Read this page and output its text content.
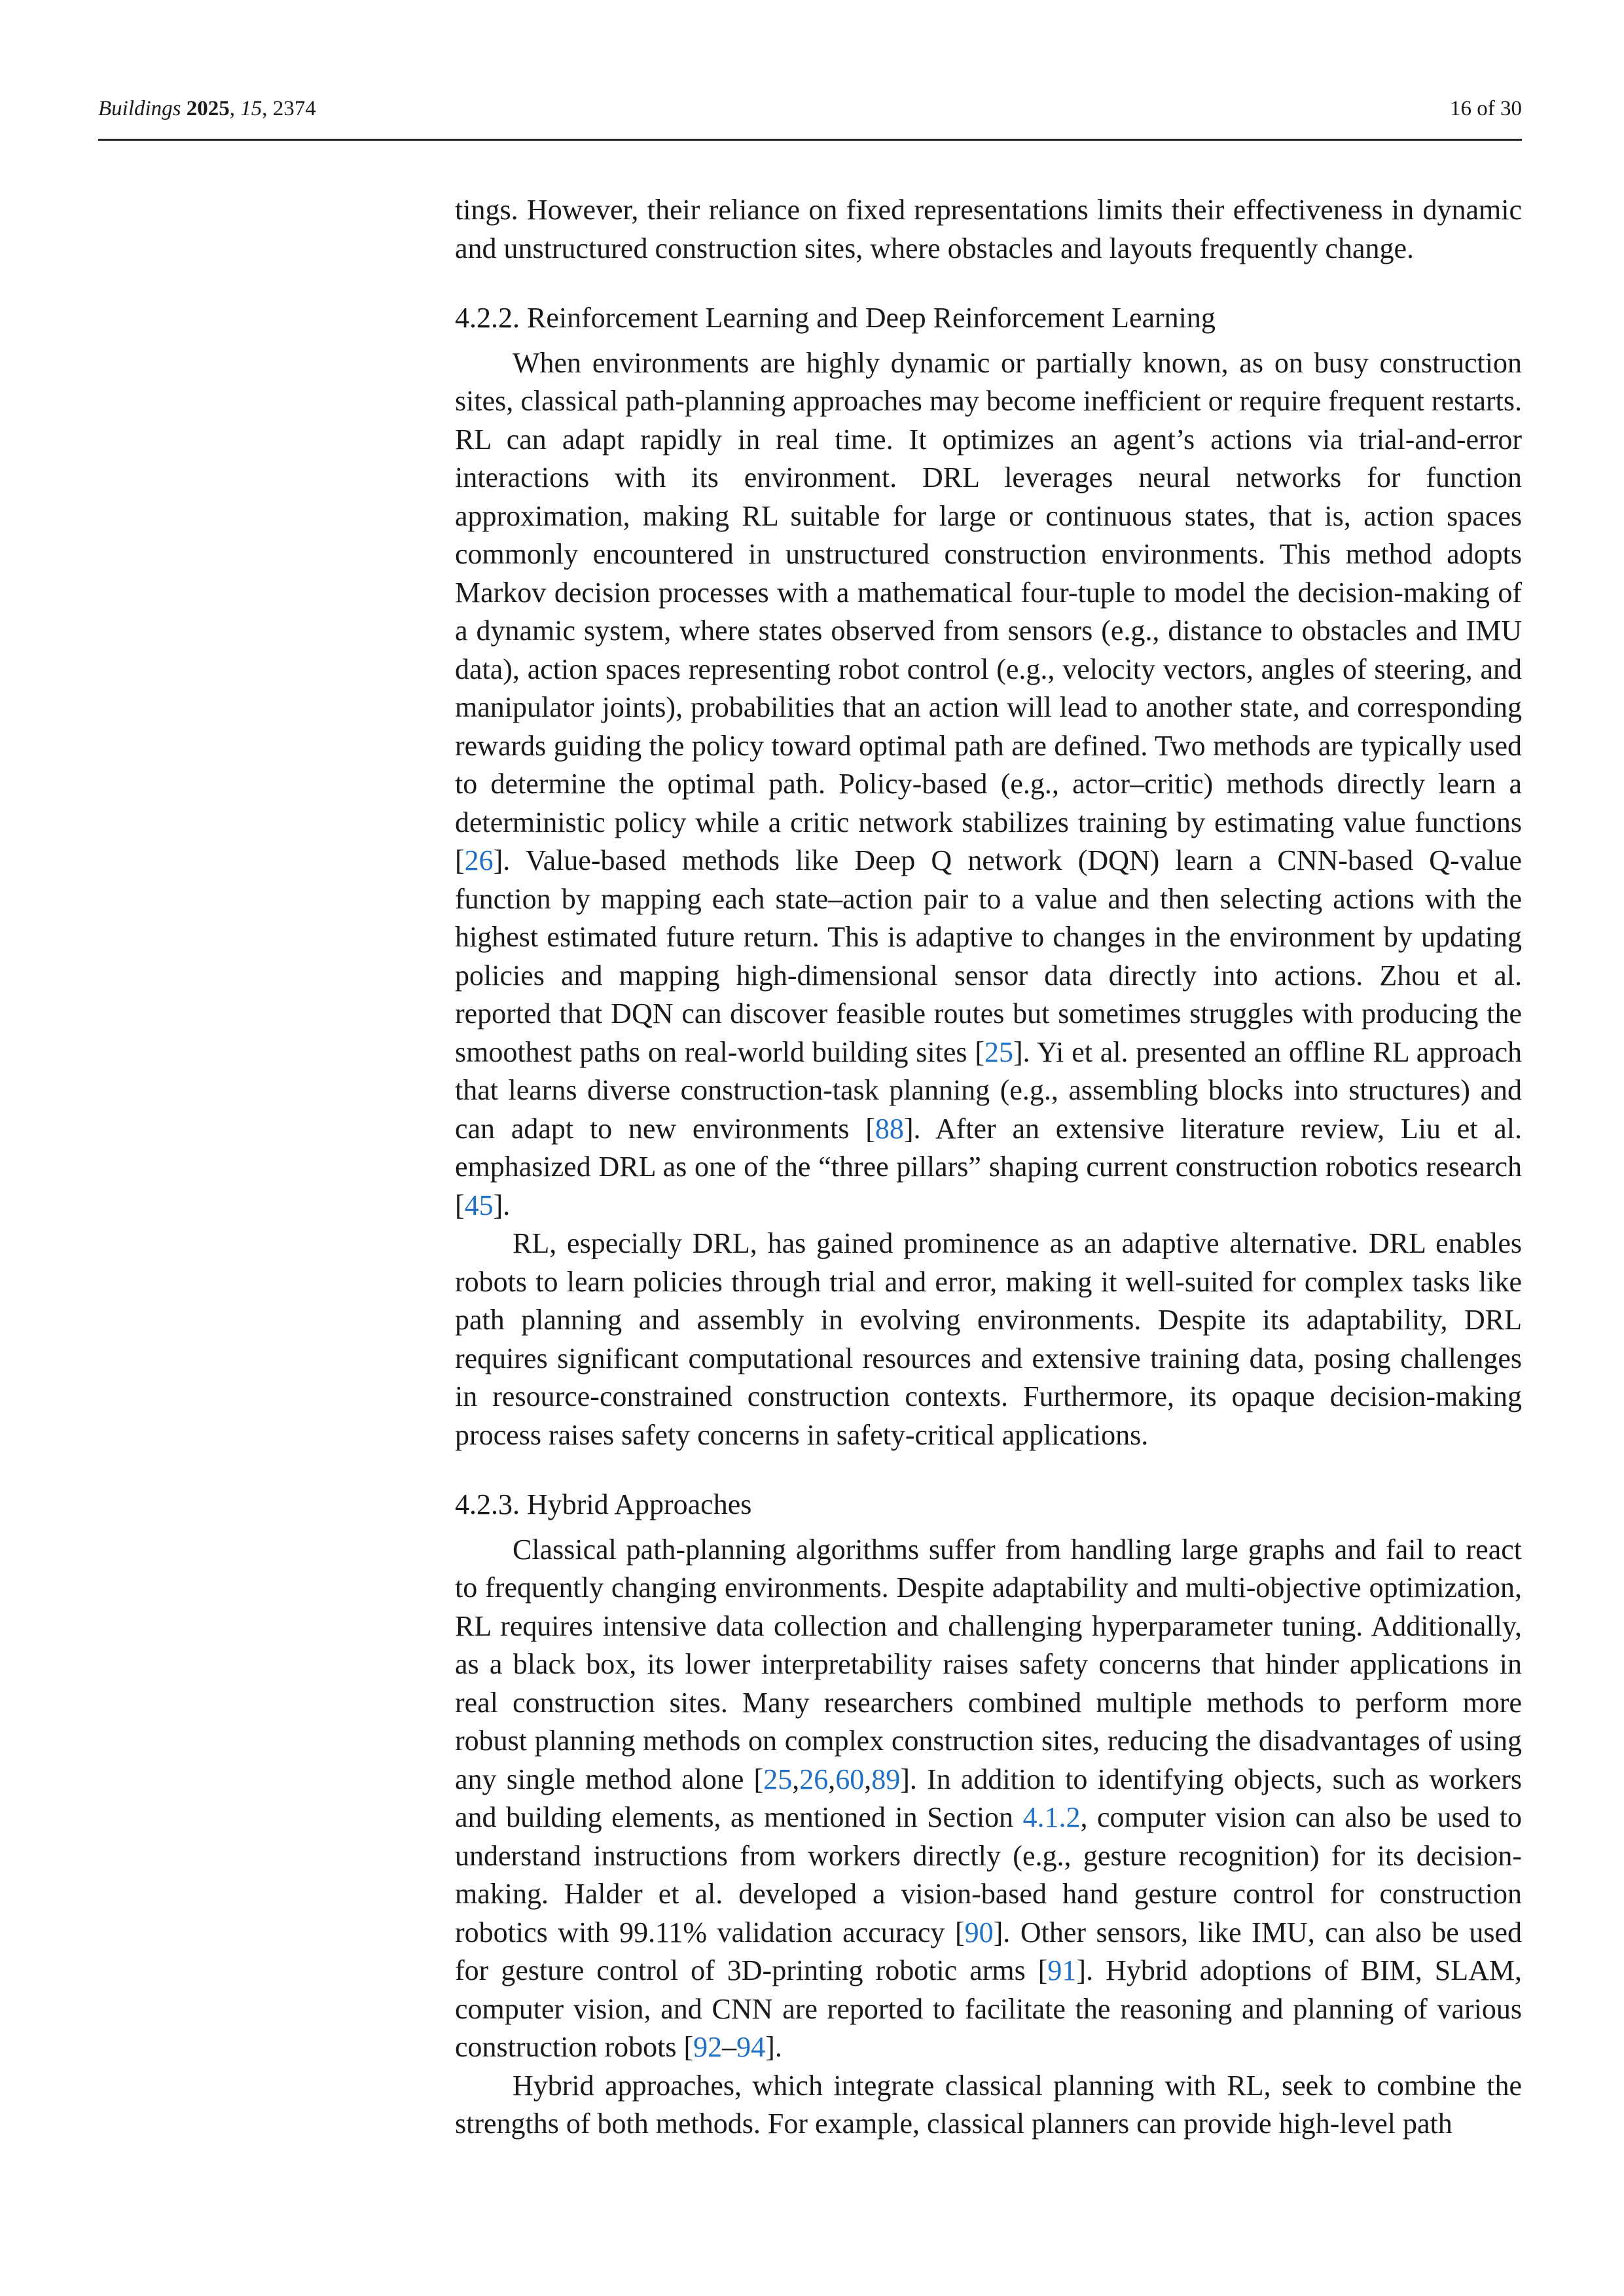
Buildings 2025, 15, 2374	16 of 30

tings. However, their reliance on fixed representations limits their effectiveness in dynamic and unstructured construction sites, where obstacles and layouts frequently change.

4.2.2. Reinforcement Learning and Deep Reinforcement Learning

When environments are highly dynamic or partially known, as on busy construction sites, classical path-planning approaches may become inefficient or require frequent restarts. RL can adapt rapidly in real time. It optimizes an agent’s actions via trial-and-error interactions with its environment. DRL leverages neural networks for function approximation, making RL suitable for large or continuous states, that is, action spaces commonly encountered in unstructured construction environments. This method adopts Markov decision processes with a mathematical four-tuple to model the decision-making of a dynamic system, where states observed from sensors (e.g., distance to obstacles and IMU data), action spaces representing robot control (e.g., velocity vectors, angles of steering, and manipulator joints), probabilities that an action will lead to another state, and corresponding rewards guiding the policy toward optimal path are defined. Two methods are typically used to determine the optimal path. Policy-based (e.g., actor–critic) methods directly learn a deterministic policy while a critic network stabilizes training by estimating value functions [26]. Value-based methods like Deep Q network (DQN) learn a CNN-based Q-value function by mapping each state–action pair to a value and then selecting actions with the highest estimated future return. This is adaptive to changes in the environment by updating policies and mapping high-dimensional sensor data directly into actions. Zhou et al. reported that DQN can discover feasible routes but sometimes struggles with producing the smoothest paths on real-world building sites [25]. Yi et al. presented an offline RL approach that learns diverse construction-task planning (e.g., assembling blocks into structures) and can adapt to new environments [88]. After an extensive literature review, Liu et al. emphasized DRL as one of the “three pillars” shaping current construction robotics research [45].

RL, especially DRL, has gained prominence as an adaptive alternative. DRL enables robots to learn policies through trial and error, making it well-suited for complex tasks like path planning and assembly in evolving environments. Despite its adaptability, DRL requires significant computational resources and extensive training data, posing challenges in resource-constrained construction contexts. Furthermore, its opaque decision-making process raises safety concerns in safety-critical applications.

4.2.3. Hybrid Approaches

Classical path-planning algorithms suffer from handling large graphs and fail to react to frequently changing environments. Despite adaptability and multi-objective optimization, RL requires intensive data collection and challenging hyperparameter tuning. Additionally, as a black box, its lower interpretability raises safety concerns that hinder applications in real construction sites. Many researchers combined multiple methods to perform more robust planning methods on complex construction sites, reducing the disadvantages of using any single method alone [25,26,60,89]. In addition to identifying objects, such as workers and building elements, as mentioned in Section 4.1.2, computer vision can also be used to understand instructions from workers directly (e.g., gesture recognition) for its decision-making. Halder et al. developed a vision-based hand gesture control for construction robotics with 99.11% validation accuracy [90]. Other sensors, like IMU, can also be used for gesture control of 3D-printing robotic arms [91]. Hybrid adoptions of BIM, SLAM, computer vision, and CNN are reported to facilitate the reasoning and planning of various construction robots [92–94].

Hybrid approaches, which integrate classical planning with RL, seek to combine the strengths of both methods. For example, classical planners can provide high-level path
